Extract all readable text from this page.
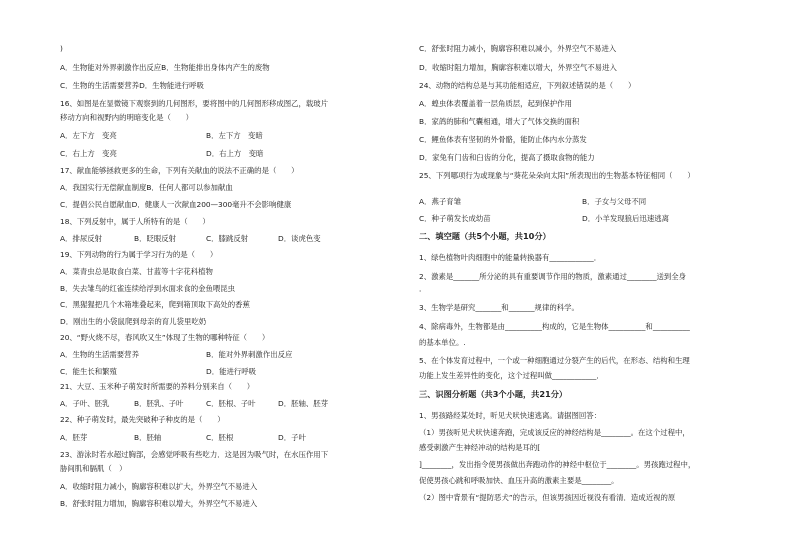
)
A．生物能对外界刺激作出反应B．生物能排出身体内产生的废物
C．生物的生活需要营养D．生物能进行呼吸
16、如图是在显微镜下观察到的几何图形，要将图中的几何图形移成图乙，载玻片
移动方向和视野内的明暗变化是（　　）
A．左下方　变亮	B．左下方　变暗
C．右上方　变亮	D．右上方　变暗
17、献血能够拯救更多的生命，下列有关献血的说法不正确的是（　　）
A．我国实行无偿献血制度B．任何人都可以参加献血
C．提倡公民自愿献血D．健康人一次献血200—300毫升不会影响健康
18、下列反射中，属于人所特有的是（　　）
A．排尿反射	B．眨眼反射	C．膝跳反射	D．谈虎色变
19、下列动物的行为属于学习行为的是（　　）
A．菜青虫总是取食白菜、甘蓝等十字花科植物
B．失去雏鸟的红雀连续给浮到水面求食的金鱼喂昆虫
C．黑猩猩把几个木箱堆叠起来，爬到箱顶取下高处的香蕉
D．刚出生的小袋鼠爬到母亲的育儿袋里吃奶
20、“野火烧不尽，春风吹又生”体现了生物的哪种特征（　　）
A．生物的生活需要营养	B．能对外界刺激作出反应
C．能生长和繁殖	D．能进行呼吸
21、大豆、玉米种子萌发时所需要的养料分别来自（　　）
A．子叶、胚乳	B．胚乳、子叶	C．胚根、子叶	D．胚轴、胚芽
22、种子萌发时，最先突破种子种皮的是（　　）
A．胚芽	B．胚轴	C．胚根	D．子叶
23、游泳时若水超过胸部，会感觉呼吸有些吃力．这是因为吸气时，在水压作用下
胁间肌和膈肌（　）
A．收缩时阻力减小，胸廓容积难以扩大，外界空气不易进入
B．舒张时阻力增加，胸廓容积难以增大，外界空气不易进入
C．舒张时阻力减小，胸廓容积难以减小，外界空气不易进入
D．收缩时阻力增加，胸廓容积难以增大，外界空气不易进入
24、动物的结构总是与其功能相适应，下列叙述错误的是（　　）
A．蝗虫体表覆盖着一层角质层，起到保护作用
B．家鸽的肺和气囊相通，增大了气体交换的面积
C．鲤鱼体表有坚韧的外骨骼，能防止体内水分蒸发
D．家兔有门齿和臼齿的分化，提高了摄取食物的能力
25、下列哪项行为或现象与“葵花朵朵向太阳”所表现出的生物基本特征相同（　　）
A．燕子育雏	B．子女与父母不同
C．种子萌发长成幼苗	D．小羊发现狼后迅速逃离
二、填空题（共5个小题，共10分）
1、绿色植物叶肉细胞中的能量转换器有____________．
2、激素是_______所分泌的具有重要调节作用的物质，激素通过________送到全身
．
3、生物学是研究_______和_______规律的科学。
4、除病毒外，生物都是由__________构成的，它是生物体__________和__________
的基本单位。.
5、在个体发育过程中，一个或一种细胞通过分裂产生的后代，在形态、结构和生理
功能上发生差异性的变化，这个过程叫做____________．
三、识图分析题（共3个小题，共21分）
1、男孩路经某处时，听见犬吠快速逃离。请据图回答：
（1）男孩听见犬吠快速奔跑，完成该反应的神经结构是________。在这个过程中，
感受刺激产生神经冲动的结构是耳的[
]________，发出指令使男孩做出奔跑动作的神经中枢位于________。男孩跑过程中，
促使男孩心跳和呼吸加快、血压升高的激素主要是________。
（2）图中背景有“提防恶犬”的告示，但该男孩因近视没有看清．造成近视的原
